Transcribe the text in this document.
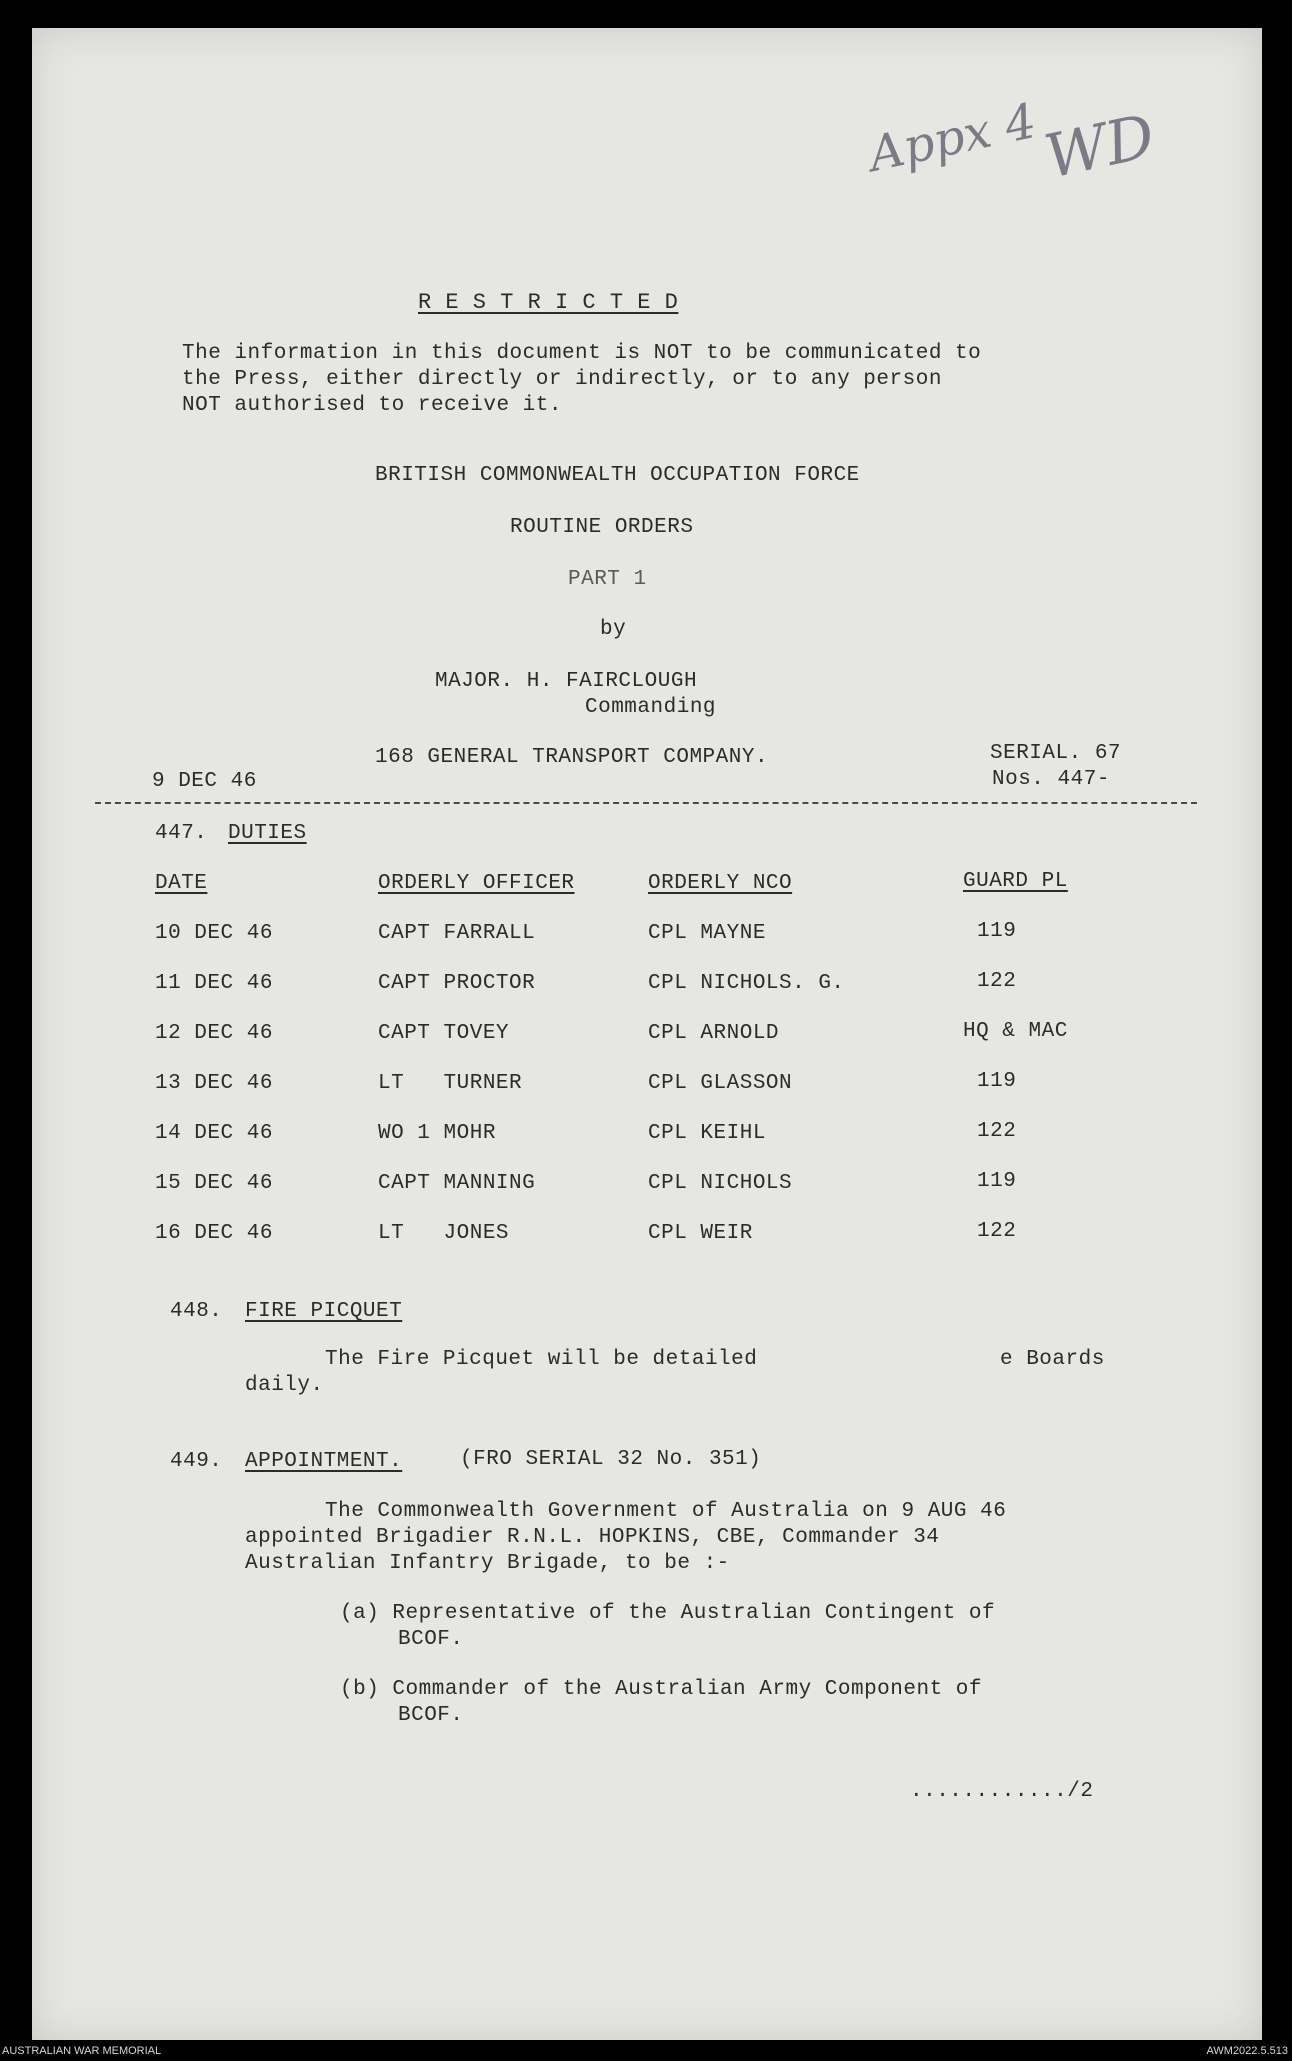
Appx 4
WD
R E S T R I C T E D
The information in this document is NOT to be communicated to
the Press, either directly or indirectly, or to any person
NOT authorised to receive it.
BRITISH COMMONWEALTH OCCUPATION FORCE
ROUTINE ORDERS
PART 1
by
MAJOR. H. FAIRCLOUGH
Commanding
168 GENERAL TRANSPORT COMPANY.	SERIAL. 67
9 DEC 46	Nos. 447-
447. DUTIES
DATE	ORDERLY OFFICER	ORDERLY NCO	GUARD PL
10 DEC 46	CAPT FARRALL	CPL MAYNE	119
11 DEC 46	CAPT PROCTOR	CPL NICHOLS. G.	122
12 DEC 46	CAPT TOVEY	CPL ARNOLD	HQ & MAC
13 DEC 46	LT   TURNER	CPL GLASSON	119
14 DEC 46	WO 1 MOHR	CPL KEIHL	122
15 DEC 46	CAPT MANNING	CPL NICHOLS	119
16 DEC 46	LT   JONES	CPL WEIR	122
448. FIRE PICQUET
The Fire Picquet will be detailed	e Boards
daily.
449. APPOINTMENT.	(FRO SERIAL 32 No. 351)
The Commonwealth Government of Australia on 9 AUG 46
appointed Brigadier R.N.L. HOPKINS, CBE, Commander 34
Australian Infantry Brigade, to be :-
(a) Representative of the Australian Contingent of
BCOF.
(b) Commander of the Australian Army Component of
BCOF.
............/2
AUSTRALIAN WAR MEMORIAL	AWM2022.5.513
